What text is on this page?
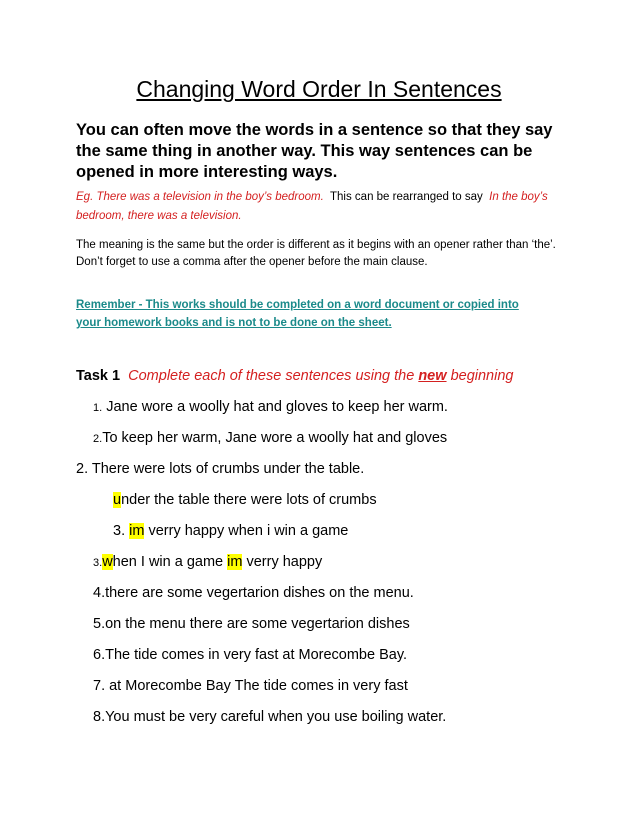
Changing Word Order In Sentences
You can often move the words in a sentence so that they say the same thing in another way. This way sentences can be opened in more interesting ways.
Eg. There was a television in the boy’s bedroom. This can be rearranged to say In the boy’s bedroom, there was a television.
The meaning is the same but the order is different as it begins with an opener rather than ‘the’. Don’t forget to use a comma after the opener before the main clause.
Remember - This works should be completed on a word document or copied into your homework books and is not to be done on the sheet.
Task 1 Complete each of these sentences using the new beginning
1. Jane wore a woolly hat and gloves to keep her warm.
2.To keep her warm, Jane wore a woolly hat and gloves
2. There were lots of crumbs under the table.
under the table there were lots of crumbs
3. im verry happy when i win a game
3.when I win a game im verry happy
4.there are some vegertarion dishes on the menu.
5.on the menu there are some vegertarion dishes
6.The tide comes in very fast at Morecombe Bay.
7. at Morecombe Bay The tide comes in very fast
8.You must be very careful when you use boiling water.
